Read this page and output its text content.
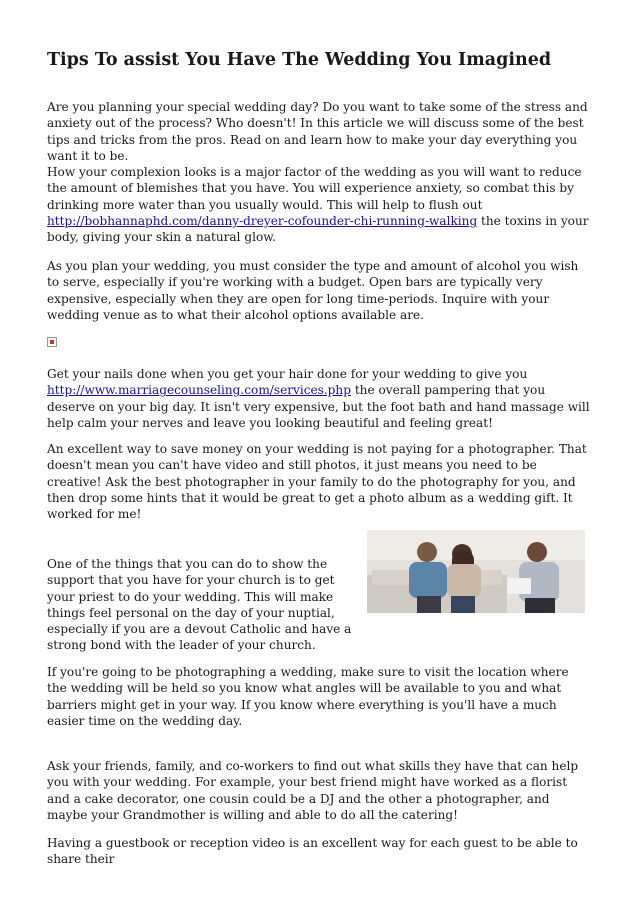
Tips To assist You Have The Wedding You Imagined

Are you planning your special wedding day? Do you want to take some of the stress and anxiety out of the process? Who doesn't! In this article we will discuss some of the best tips and tricks from the pros. Read on and learn how to make your day everything you want it to be.

How your complexion looks is a major factor of the wedding as you will want to reduce the amount of blemishes that you have. You will experience anxiety, so combat this by drinking more water than you usually would. This will help to flush out http://bobhannaphd.com/danny-dreyer-cofounder-chi-running-walking the toxins in your body, giving your skin a natural glow.

As you plan your wedding, you must consider the type and amount of alcohol you wish to serve, especially if you're working with a budget. Open bars are typically very expensive, especially when they are open for long time-periods. Inquire with your wedding venue as to what their alcohol options available are.

Get your nails done when you get your hair done for your wedding to give you http://www.marriagecounseling.com/services.php the overall pampering that you deserve on your big day. It isn't very expensive, but the foot bath and hand massage will help calm your nerves and leave you looking beautiful and feeling great!

An excellent way to save money on your wedding is not paying for a photographer. That doesn't mean you can't have video and still photos, it just means you need to be creative! Ask the best photographer in your family to do the photography for you, and then drop some hints that it would be great to get a photo album as a wedding gift. It worked for me!

One of the things that you can do to show the support that you have for your church is to get your priest to do your wedding. This will make things feel personal on the day of your nuptial, especially if you are a devout Catholic and have a strong bond with the leader of your church.

If you're going to be photographing a wedding, make sure to visit the location where the wedding will be held so you know what angles will be available to you and what barriers might get in your way. If you know where everything is you'll have a much easier time on the wedding day.

Ask your friends, family, and co-workers to find out what skills they have that can help you with your wedding. For example, your best friend might have worked as a florist and a cake decorator, one cousin could be a DJ and the other a photographer, and maybe your Grandmother is willing and able to do all the catering!

Having a guestbook or reception video is an excellent way for each guest to be able to share their
